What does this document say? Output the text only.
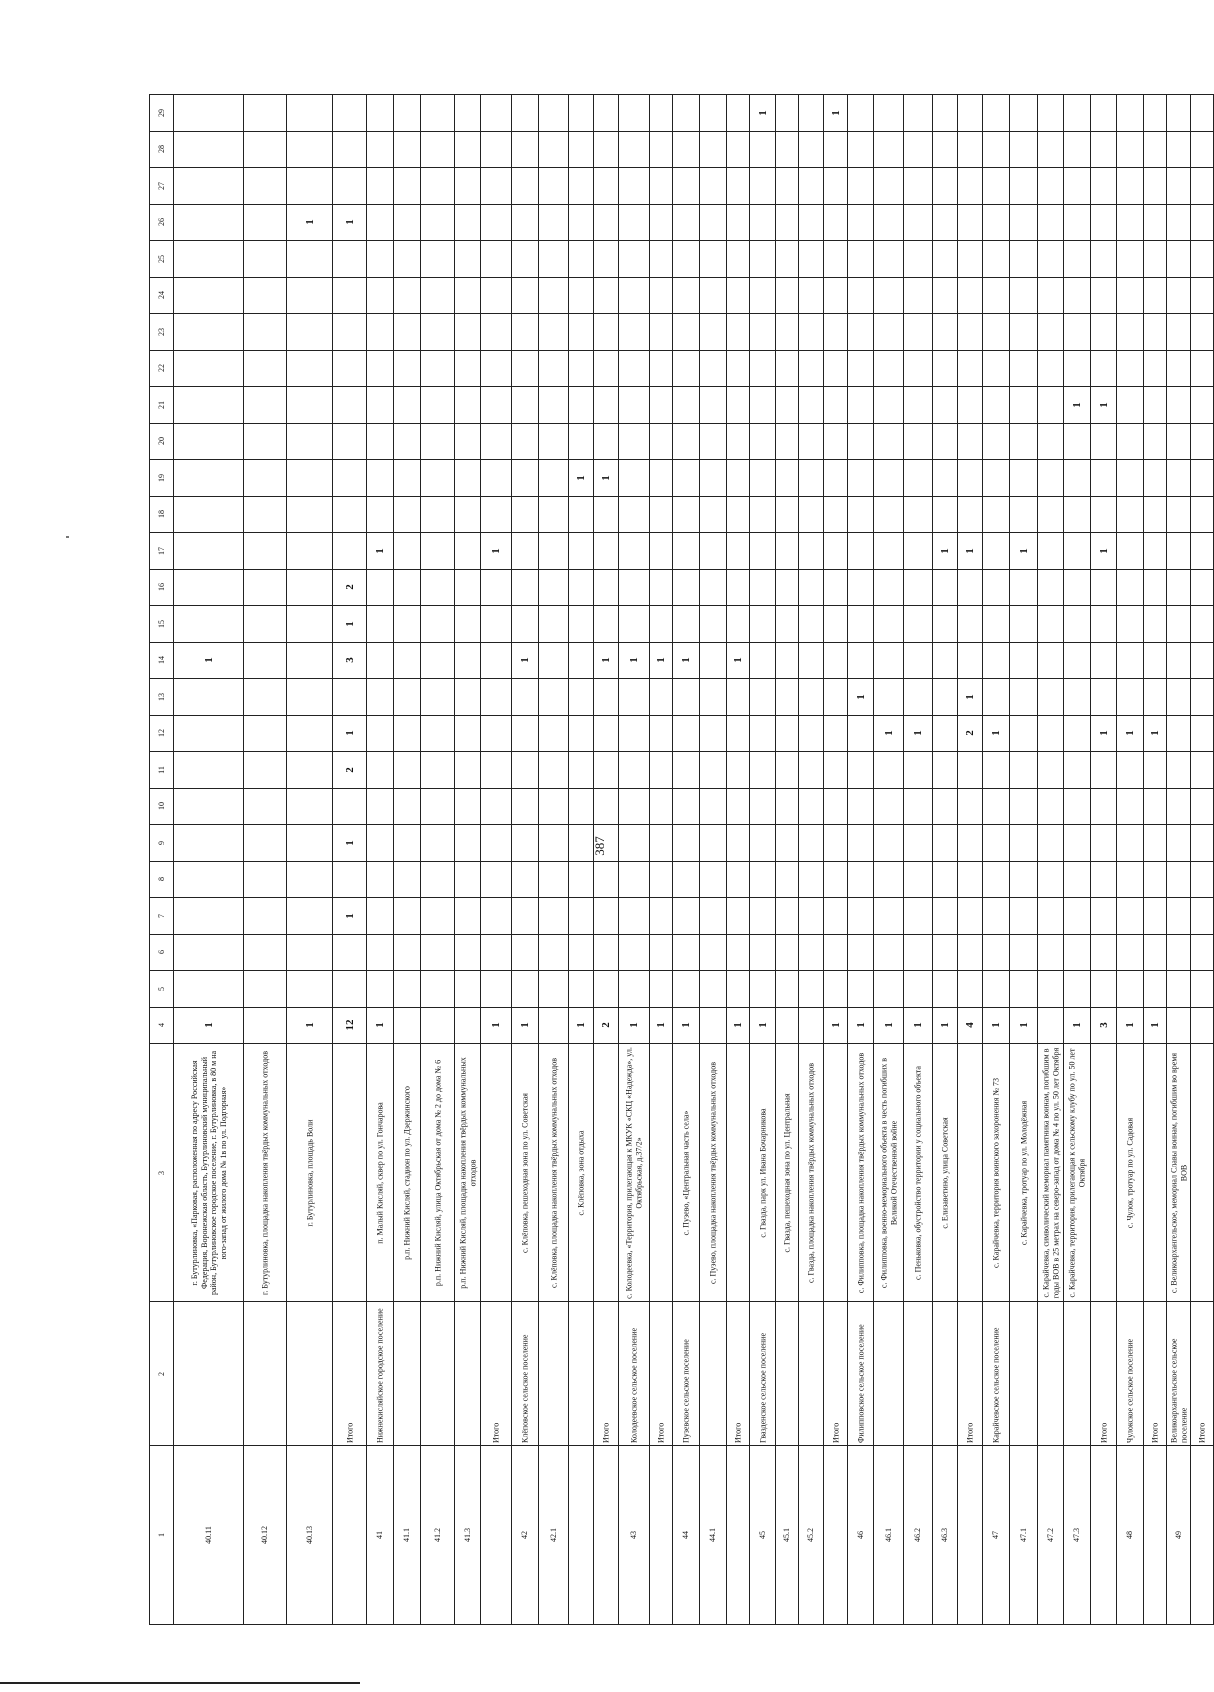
387
1
2
3
4
5
6
7
8
9
10
11
12
13
14
15
16
17
18
19
20
21
22
23
24
25
26
27
28
29
40.11
г. Бутурлиновка, «Парковая, расположенная по адресу Российская Федерация, Воронежская область, Бутурлиновский муниципальный район, Бутурлиновское городское поселение, г. Бутурлиновка, в 80 м на юго-запад от жилого дома № 1в по ул. Подгорная»
1
1
40.12
г. Бутурлиновка, площадка накопления твёрдых коммунальных отходов
40.13
г. Бутурлиновка, площадь Воли
1
1
Итого
12
1
1
2
1
3
1
2
1
41
Нижнекисляйское городское поселение
п. Малый Кисляй, сквер по ул. Гончарова
1
1
41.1
р.п. Нижний Кисляй, стадион по ул. Дзержинского
41.2
р.п. Нижний Кисляй, улица Октябрьская от дома № 2 до дома № 6
41.3
р.п. Нижний Кисляй, площадка накопления твёрдых коммунальных отходов
Итого
1
1
42
Клёповское сельское поселение
с. Клёповка, пешеходная зона по ул. Советская
1
1
42.1
с. Клёповка, площадка накопления твёрдых коммунальных отходов с. Клёповка, зона отдыха
1
1
Итого
2
1
1
43
Колодеевское сельское поселение
с. Колодеевка, «Территория, прилегающая к МКУК «СКЦ «Надежда», ул. Октябрьская, д.37/2»
1
1
Итого
1
1
44
Пузевское сельское поселение
с. Пузево, «Центральная часть села»
1
1
44.1
с. Пузево, площадка накопления твёрдых коммунальных отходов
Итого
1
1
45
Гвазденское сельское поселение
с. Гвазда, парк ул. Ивана Бочарникова
1
1
45.1
с. Гвазда, пешеходная зона по ул. Центральная
45.2
с. Гвазда, площадка накопления твёрдых коммунальных отходов
Итого
1
1
46
Филипповское сельское поселение
с. Филипповка, площадка накопления твёрдых коммунальных отходов
1
1
46.1
с. Филипповка, военно-мемориального объекта в честь погибших в Великой Отечественной войне
1
1
46.2
с. Пеньковка, обустройство территории у социального объекта
1
1
46.3
с. Елизаветино, улица Советская
1
1
Итого
4
2
1
1
47
Карайчевское сельское поселение
с. Карайчевка, территория воинского захоронения № 73
1
1
47.1
с. Карайчевка, тротуар по ул. Молодёжная
1
1
47.2
с. Карайчевка, символический мемориал памятника воинам, погибшим в годы ВОВ в 25 метрах на северо-запад от дома № 4 по ул. 50 лет Октября
47.3
с. Карайчевка, территория, прилегающая к сельскому клубу по ул. 50 лет Октября
1
1
Итого
3
1
1
1
48
Чулокское сельское поселение
с. Чулок, тротуар по ул. Садовая
1
1
Итого
1
1
49
Великоархангельское сельское поселение
с. Великоархангельское, мемориал Славы воинам, погибшим во время ВОВ
Итого
